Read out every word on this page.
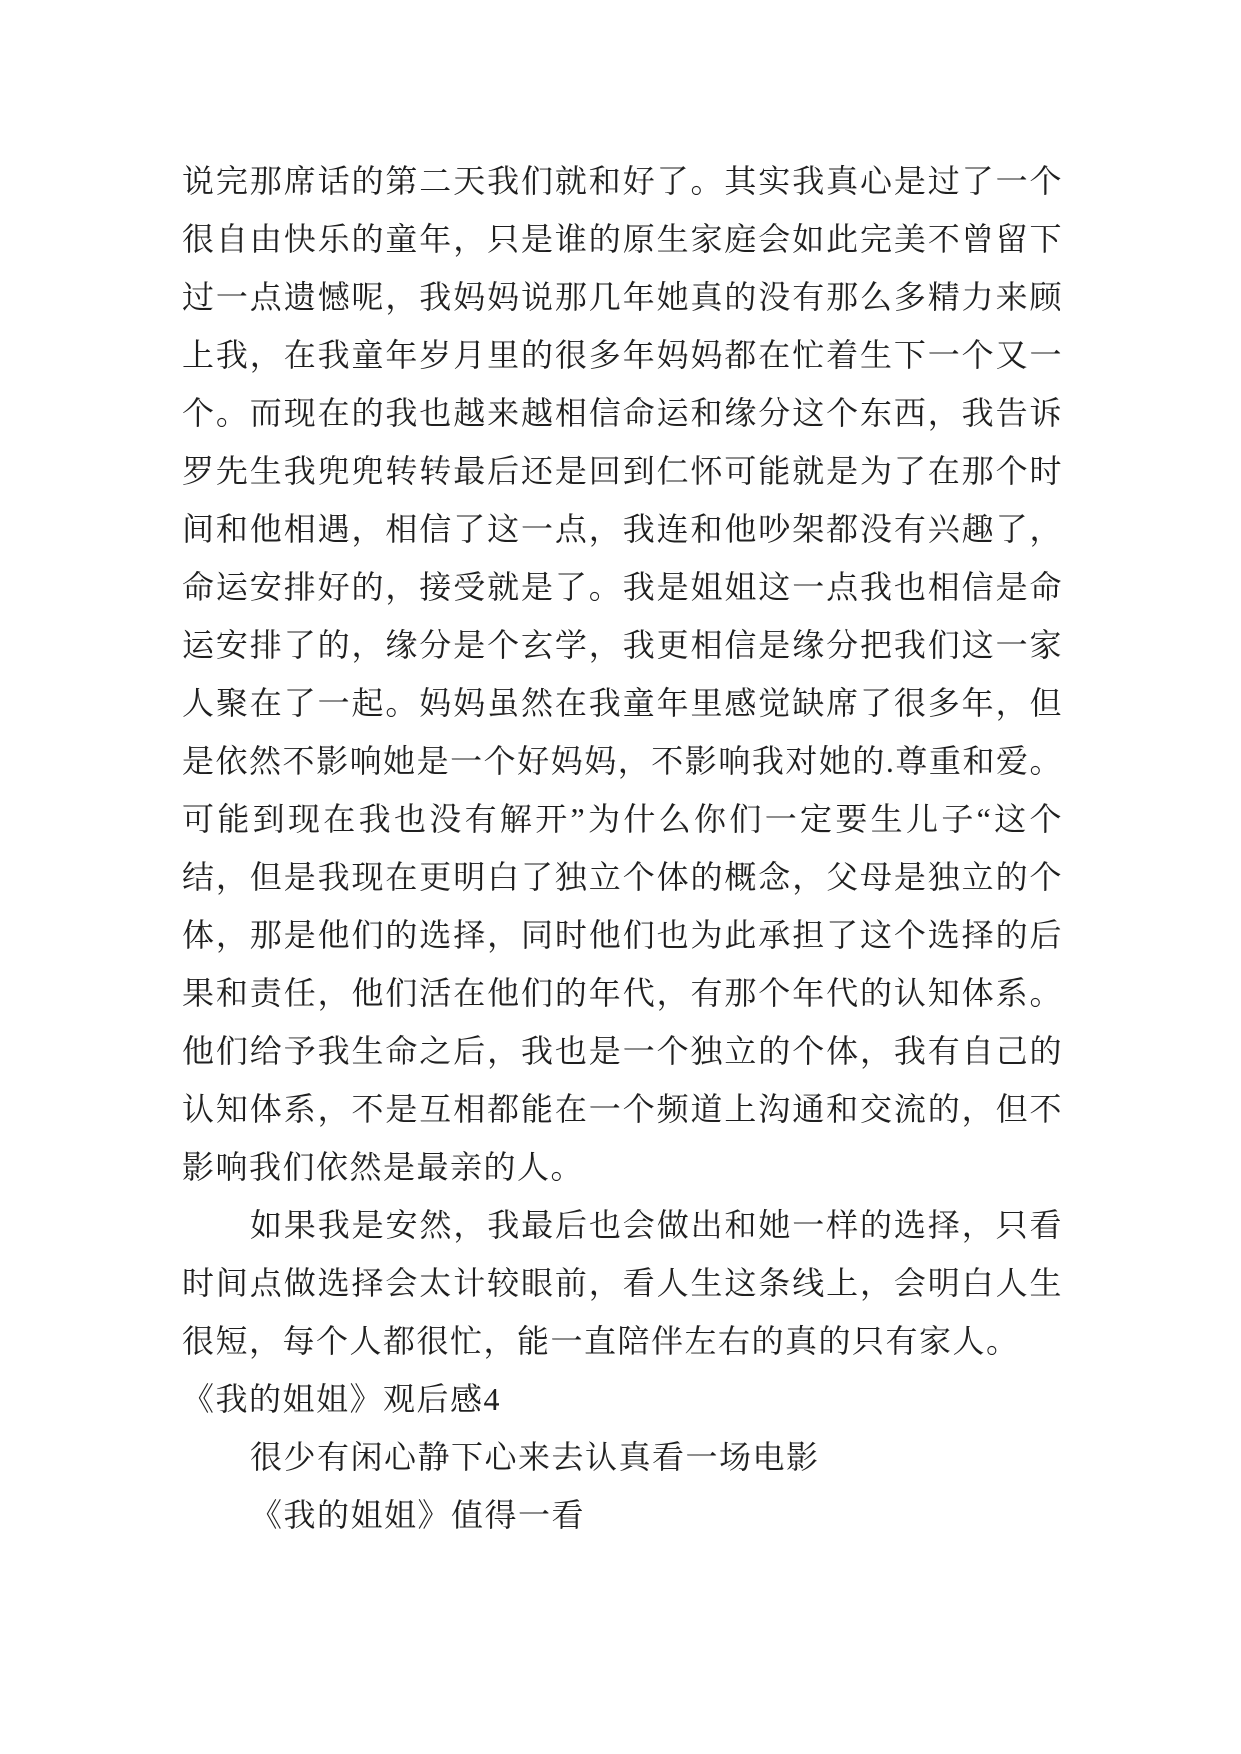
说完那席话的第二天我们就和好了。其实我真心是过了一个很自由快乐的童年，只是谁的原生家庭会如此完美不曾留下过一点遗憾呢，我妈妈说那几年她真的没有那么多精力来顾上我，在我童年岁月里的很多年妈妈都在忙着生下一个又一个。而现在的我也越来越相信命运和缘分这个东西，我告诉罗先生我兜兜转转最后还是回到仁怀可能就是为了在那个时间和他相遇，相信了这一点，我连和他吵架都没有兴趣了，命运安排好的，接受就是了。我是姐姐这一点我也相信是命运安排了的，缘分是个玄学，我更相信是缘分把我们这一家人聚在了一起。妈妈虽然在我童年里感觉缺席了很多年，但是依然不影响她是一个好妈妈，不影响我对她的.尊重和爱。可能到现在我也没有解开”为什么你们一定要生儿子“这个结，但是我现在更明白了独立个体的概念，父母是独立的个体，那是他们的选择，同时他们也为此承担了这个选择的后果和责任，他们活在他们的年代，有那个年代的认知体系。他们给予我生命之后，我也是一个独立的个体，我有自己的认知体系，不是互相都能在一个频道上沟通和交流的，但不影响我们依然是最亲的人。

如果我是安然，我最后也会做出和她一样的选择，只看时间点做选择会太计较眼前，看人生这条线上，会明白人生很短，每个人都很忙，能一直陪伴左右的真的只有家人。

《我的姐姐》观后感4

很少有闲心静下心来去认真看一场电影

《我的姐姐》值得一看
